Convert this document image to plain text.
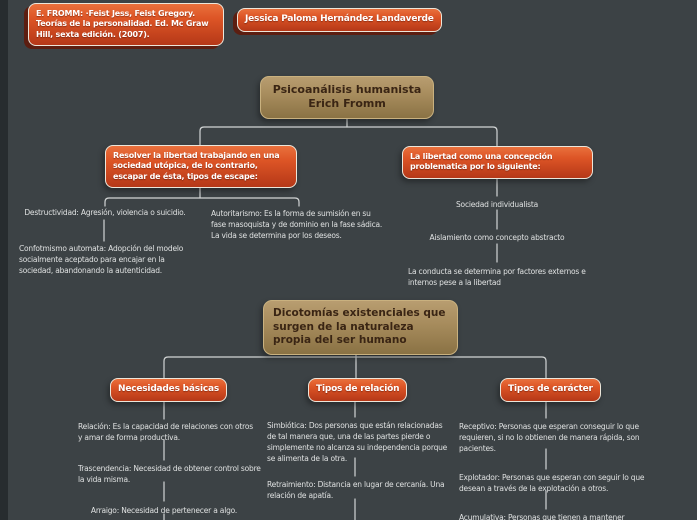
E. FROMM: ·Feist Jess, Feist Gregory. Teorías de la personalidad. Ed. Mc Graw Hill, sexta edición. (2007).
Jessica Paloma Hernández Landaverde
Psicoanálisis humanista Erich Fromm
Resolver la libertad trabajando en una sociedad utópica, de lo contrario, escapar de ésta, tipos de escape:
La libertad como una concepción problematica por lo siguiente:
Destructividad: Agresión, violencia o suicidio.	Autoritarismo: Es la forma de sumisión en su fase masoquista y de dominio en la fase sádica. La vida se determina por los deseos.
Confotmismo automata: Adopción del modelo socialmente aceptado para encajar en la sociedad, abandonando la autenticidad.
Sociedad individualista
Aislamiento como concepto abstracto
La conducta se determina por factores externos e internos pese a la libertad
Dicotomías existenciales que surgen de la naturaleza propia del ser humano
Necesidades básicas	Tipos de relación	Tipos de carácter
Relación: Es la capacidad de relaciones con otros y amar de forma productiva.
Trascendencia: Necesidad de obtener control sobre la vida misma.
Arraigo: Necesidad de pertenecer a algo.
Simbiótica: Dos personas que están relacionadas de tal manera que, una de las partes pierde o simplemente no alcanza su independencia porque se alimenta de la otra.
Retraimiento: Distancia en lugar de cercanía. Una relación de apatía.
Receptivo: Personas que esperan conseguir lo que requieren, si no lo obtienen de manera rápida, son pacientes.
Explotador: Personas que esperan con seguir lo que desean a través de la explotación a otros.
Acumulativa: Personas que tienen a mantener
